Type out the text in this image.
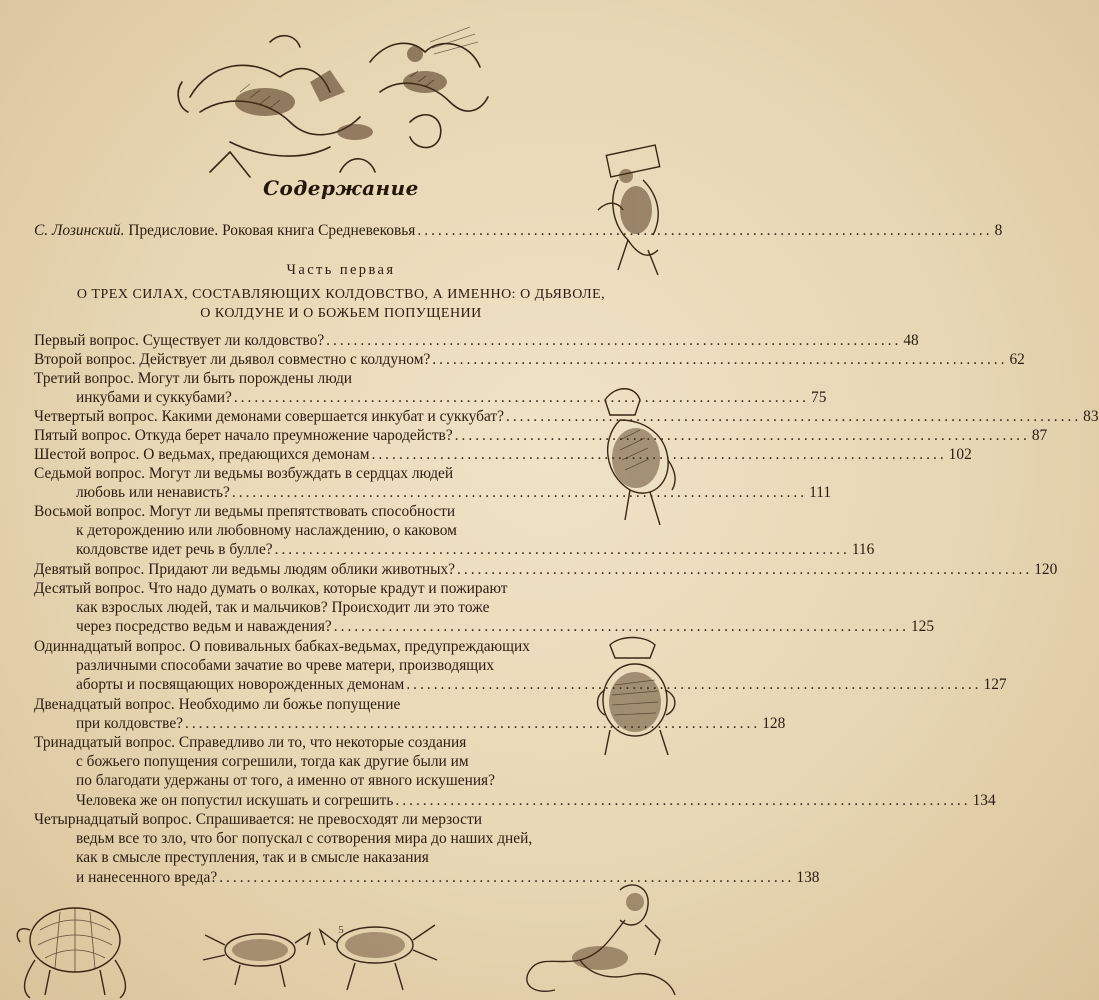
Содержание
С. Лозинский. Предисловие. Роковая книга Средневековья .................................................................................... 8
Часть первая
О ТРЕХ СИЛАХ, СОСТАВЛЯЮЩИХ КОЛДОВСТВО, А ИМЕННО: О ДЬЯВОЛЕ,
О КОЛДУНЕ И О БОЖЬЕМ ПОПУЩЕНИИ
Первый вопрос. Существует ли колдовство? .................................................................................... 48
Второй вопрос. Действует ли дьявол совместно с колдуном? .................................................................................... 62
Третий вопрос. Могут ли быть порождены люди
инкубами и суккубами? .................................................................................... 75
Четвертый вопрос. Какими демонами совершается инкубат и суккубат? .................................................................................... 83
Пятый вопрос. Откуда берет начало преумножение чародейств? .................................................................................... 87
Шестой вопрос. О ведьмах, предающихся демонам .................................................................................... 102
Седьмой вопрос. Могут ли ведьмы возбуждать в сердцах людей
любовь или ненависть? .................................................................................... 111
Восьмой вопрос. Могут ли ведьмы препятствовать способности
к деторождению или любовному наслаждению, о каковом
колдовстве идет речь в булле? .................................................................................... 116
Девятый вопрос. Придают ли ведьмы людям облики животных? .................................................................................... 120
Десятый вопрос. Что надо думать о волках, которые крадут и пожирают
как взрослых людей, так и мальчиков? Происходит ли это тоже
через посредство ведьм и наваждения? .................................................................................... 125
Одиннадцатый вопрос. О повивальных бабках-ведьмах, предупреждающих
различными способами зачатие во чреве матери, производящих
аборты и посвящающих новорожденных демонам .................................................................................... 127
Двенадцатый вопрос. Необходимо ли божье попущение
при колдовстве? .................................................................................... 128
Тринадцатый вопрос. Справедливо ли то, что некоторые создания
с божьего попущения согрешили, тогда как другие были им
по благодати удержаны от того, а именно от явного искушения?
Человека же он попустил искушать и согрешить .................................................................................... 134
Четырнадцатый вопрос. Спрашивается: не превосходят ли мерзости
ведьм все то зло, что бог попускал с сотворения мира до наших дней,
как в смысле преступления, так и в смысле наказания
и нанесенного вреда? .................................................................................... 138
5
